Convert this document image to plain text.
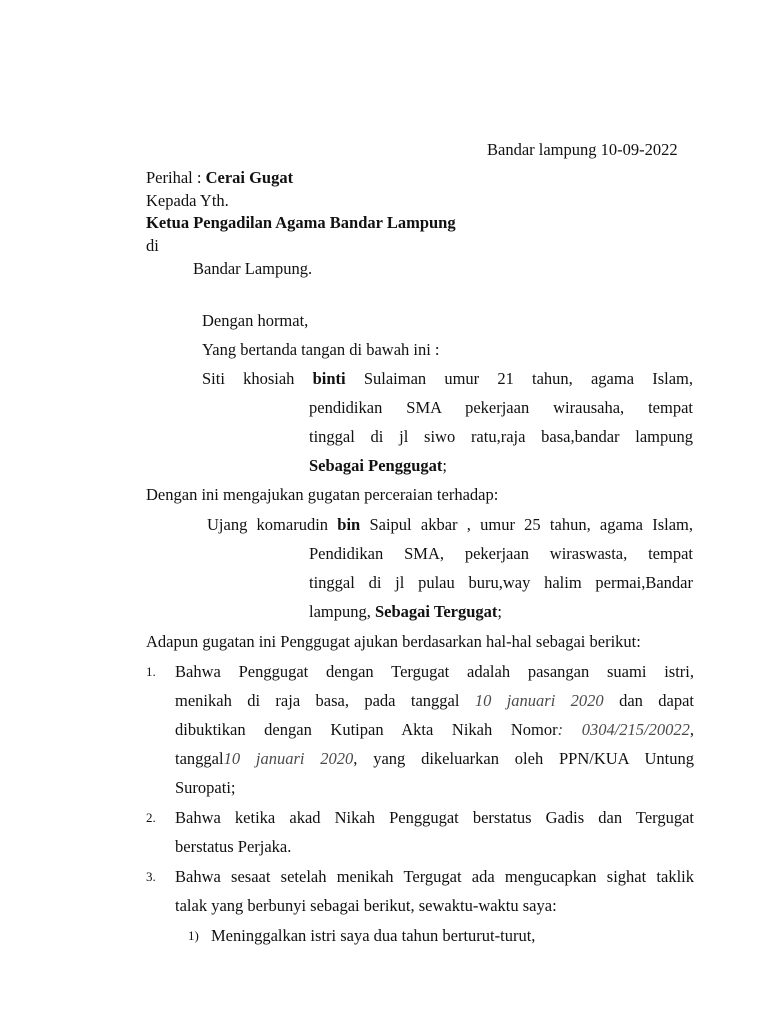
Bandar lampung 10-09-2022
Perihal : Cerai Gugat
Kepada Yth.
Ketua Pengadilan Agama Bandar Lampung
di
Bandar Lampung.
Dengan hormat,
Yang bertanda tangan di bawah ini :
Siti khosiah binti Sulaiman umur 21 tahun, agama Islam,
pendidikan SMA pekerjaan wirausaha, tempat
tinggal di jl siwo ratu,raja basa,bandar lampung
Sebagai Penggugat;
Dengan ini mengajukan gugatan perceraian terhadap:
Ujang komarudin bin Saipul akbar , umur 25 tahun, agama Islam,
Pendidikan SMA, pekerjaan wiraswasta, tempat
tinggal di jl pulau buru,way halim permai,Bandar
lampung, Sebagai Tergugat;
Adapun gugatan ini Penggugat ajukan berdasarkan hal-hal sebagai berikut:
1. Bahwa Penggugat dengan Tergugat adalah pasangan suami istri,
menikah di raja basa, pada tanggal 10 januari 2020 dan dapat
dibuktikan dengan Kutipan Akta Nikah Nomor: 0304/215/20022,
tanggal10 januari 2020, yang dikeluarkan oleh PPN/KUA Untung
Suropati;
2. Bahwa ketika akad Nikah Penggugat berstatus Gadis dan Tergugat
berstatus Perjaka.
3. Bahwa sesaat setelah menikah Tergugat ada mengucapkan sighat taklik
talak yang berbunyi sebagai berikut, sewaktu-waktu saya:
1) Meninggalkan istri saya dua tahun berturut-turut,
